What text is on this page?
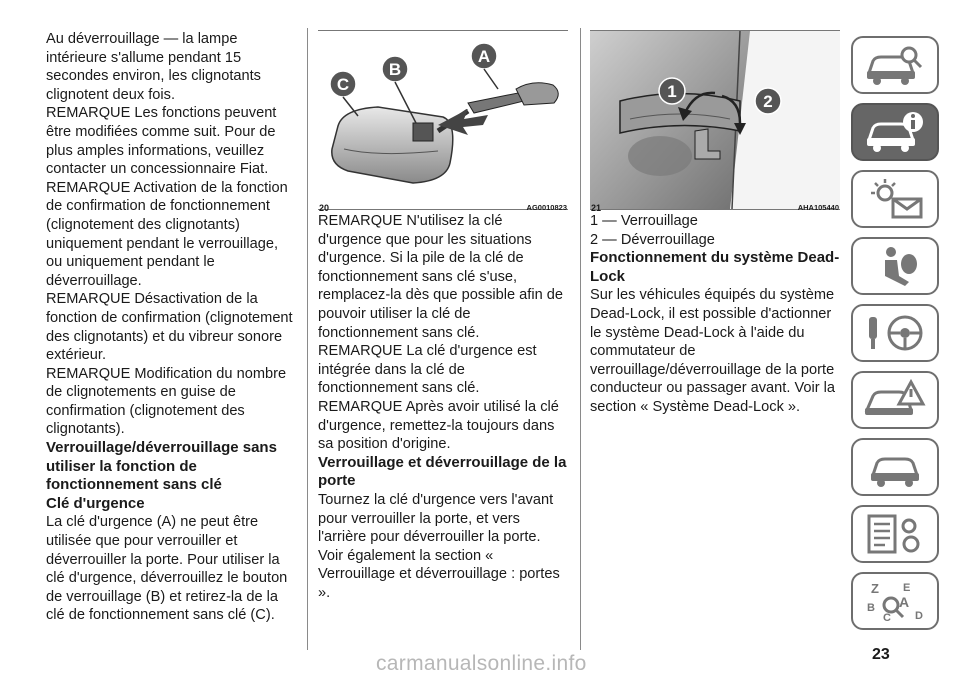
Au déverrouillage — la lampe intérieure s'allume pendant 15 secondes environ, les clignotants clignotent deux fois.

REMARQUE Les fonctions peuvent être modifiées comme suit. Pour de plus amples informations, veuillez contacter un concessionnaire Fiat.

REMARQUE Activation de la fonction de confirmation de fonctionnement (clignotement des clignotants) uniquement pendant le verrouillage, ou uniquement pendant le déverrouillage.

REMARQUE Désactivation de la fonction de confirmation (clignotement des clignotants) et du vibreur sonore extérieur.

REMARQUE Modification du nombre de clignotements en guise de confirmation (clignotement des clignotants).

Verrouillage/déverrouillage sans utiliser la fonction de fonctionnement sans clé
Clé d'urgence

La clé d'urgence (A) ne peut être utilisée que pour verrouiller et déverrouiller la porte. Pour utiliser la clé d'urgence, déverrouillez le bouton de verrouillage (B) et retirez-la de la clé de fonctionnement sans clé (C).

A
B
C
20	AG0010823

REMARQUE N'utilisez la clé d'urgence que pour les situations d'urgence. Si la pile de la clé de fonctionnement sans clé s'use, remplacez-la dès que possible afin de pouvoir utiliser la clé de fonctionnement sans clé.

REMARQUE La clé d'urgence est intégrée dans la clé de fonctionnement sans clé.

REMARQUE Après avoir utilisé la clé d'urgence, remettez-la toujours dans sa position d'origine.

Verrouillage et déverrouillage de la porte

Tournez la clé d'urgence vers l'avant pour verrouiller la porte, et vers l'arrière pour déverrouiller la porte. Voir également la section « Verrouillage et déverrouillage : portes ».

1
2
21	AHA105440

1 — Verrouillage

2 — Déverrouillage

Fonctionnement du système Dead-Lock

Sur les véhicules équipés du système Dead-Lock, il est possible d'actionner le système Dead-Lock à l'aide du commutateur de verrouillage/déverrouillage de la porte conducteur ou passager avant. Voir la section « Système Dead-Lock ».

Z E
A
B
C D
23
carmanualsonline.info
